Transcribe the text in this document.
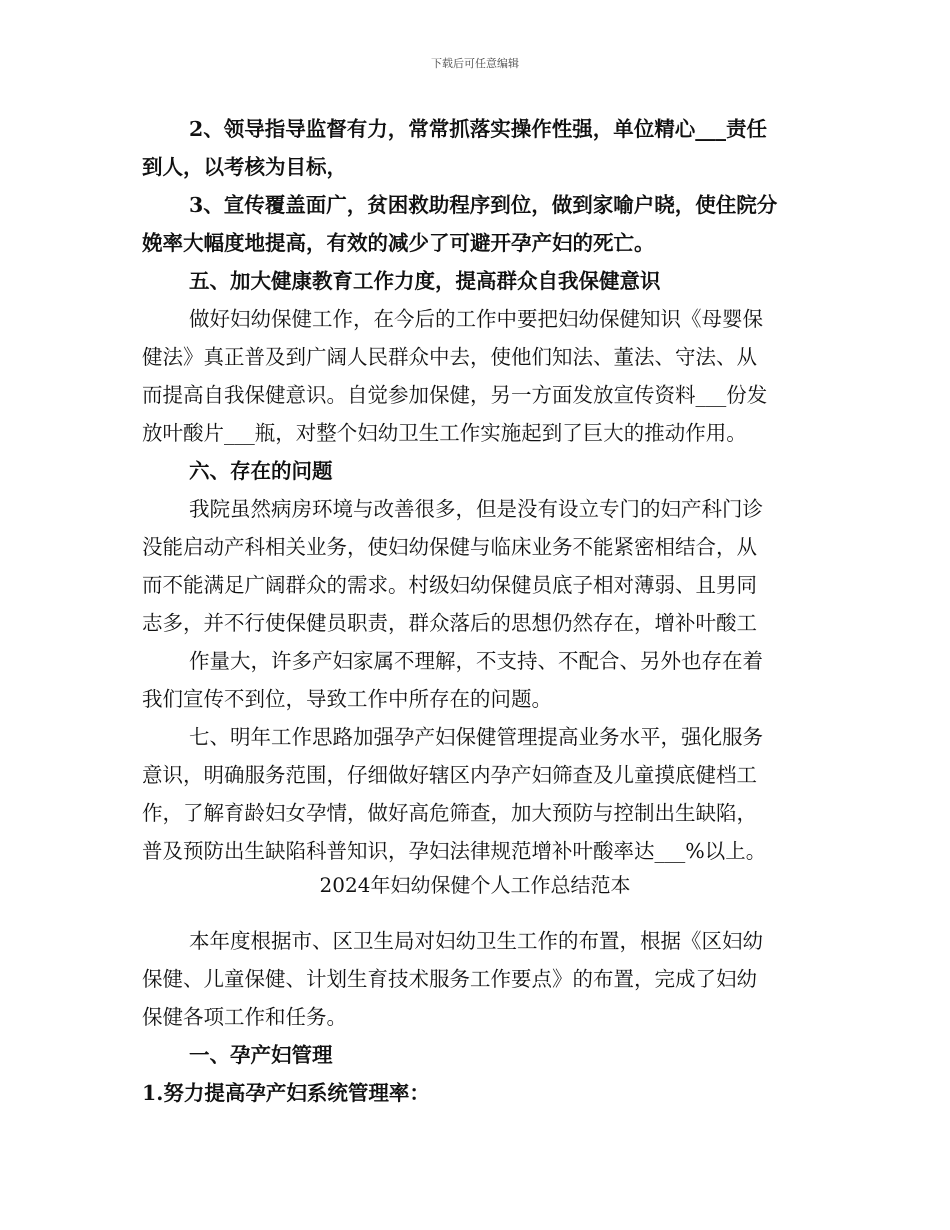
下载后可任意编辑

2、领导指导监督有力，常常抓落实操作性强，单位精心___责任

到人，以考核为目标，

3、宣传覆盖面广，贫困救助程序到位，做到家喻户晓，使住院分

娩率大幅度地提高，有效的减少了可避开孕产妇的死亡。

五、加大健康教育工作力度，提高群众自我保健意识

做好妇幼保健工作，在今后的工作中要把妇幼保健知识《母婴保

健法》真正普及到广阔人民群众中去，使他们知法、董法、守法、从

而提高自我保健意识。自觉参加保健，另一方面发放宣传资料___份发

放叶酸片___瓶，对整个妇幼卫生工作实施起到了巨大的推动作用。

六、存在的问题

我院虽然病房环境与改善很多，但是没有设立专门的妇产科门诊

没能启动产科相关业务，使妇幼保健与临床业务不能紧密相结合，从

而不能满足广阔群众的需求。村级妇幼保健员底子相对薄弱、且男同

志多，并不行使保健员职责，群众落后的思想仍然存在，增补叶酸工

作量大，许多产妇家属不理解，不支持、不配合、另外也存在着

我们宣传不到位，导致工作中所存在的问题。

七、明年工作思路加强孕产妇保健管理提高业务水平，强化服务

意识，明确服务范围，仔细做好辖区内孕产妇筛查及儿童摸底健档工

作，了解育龄妇女孕情，做好高危筛查，加大预防与控制出生缺陷，

普及预防出生缺陷科普知识，孕妇法律规范增补叶酸率达___%以上。

2024年妇幼保健个人工作总结范本

本年度根据市、区卫生局对妇幼卫生工作的布置，根据《区妇幼

保健、儿童保健、计划生育技术服务工作要点》的布置，完成了妇幼

保健各项工作和任务。

一、孕产妇管理

1.努力提高孕产妇系统管理率：
